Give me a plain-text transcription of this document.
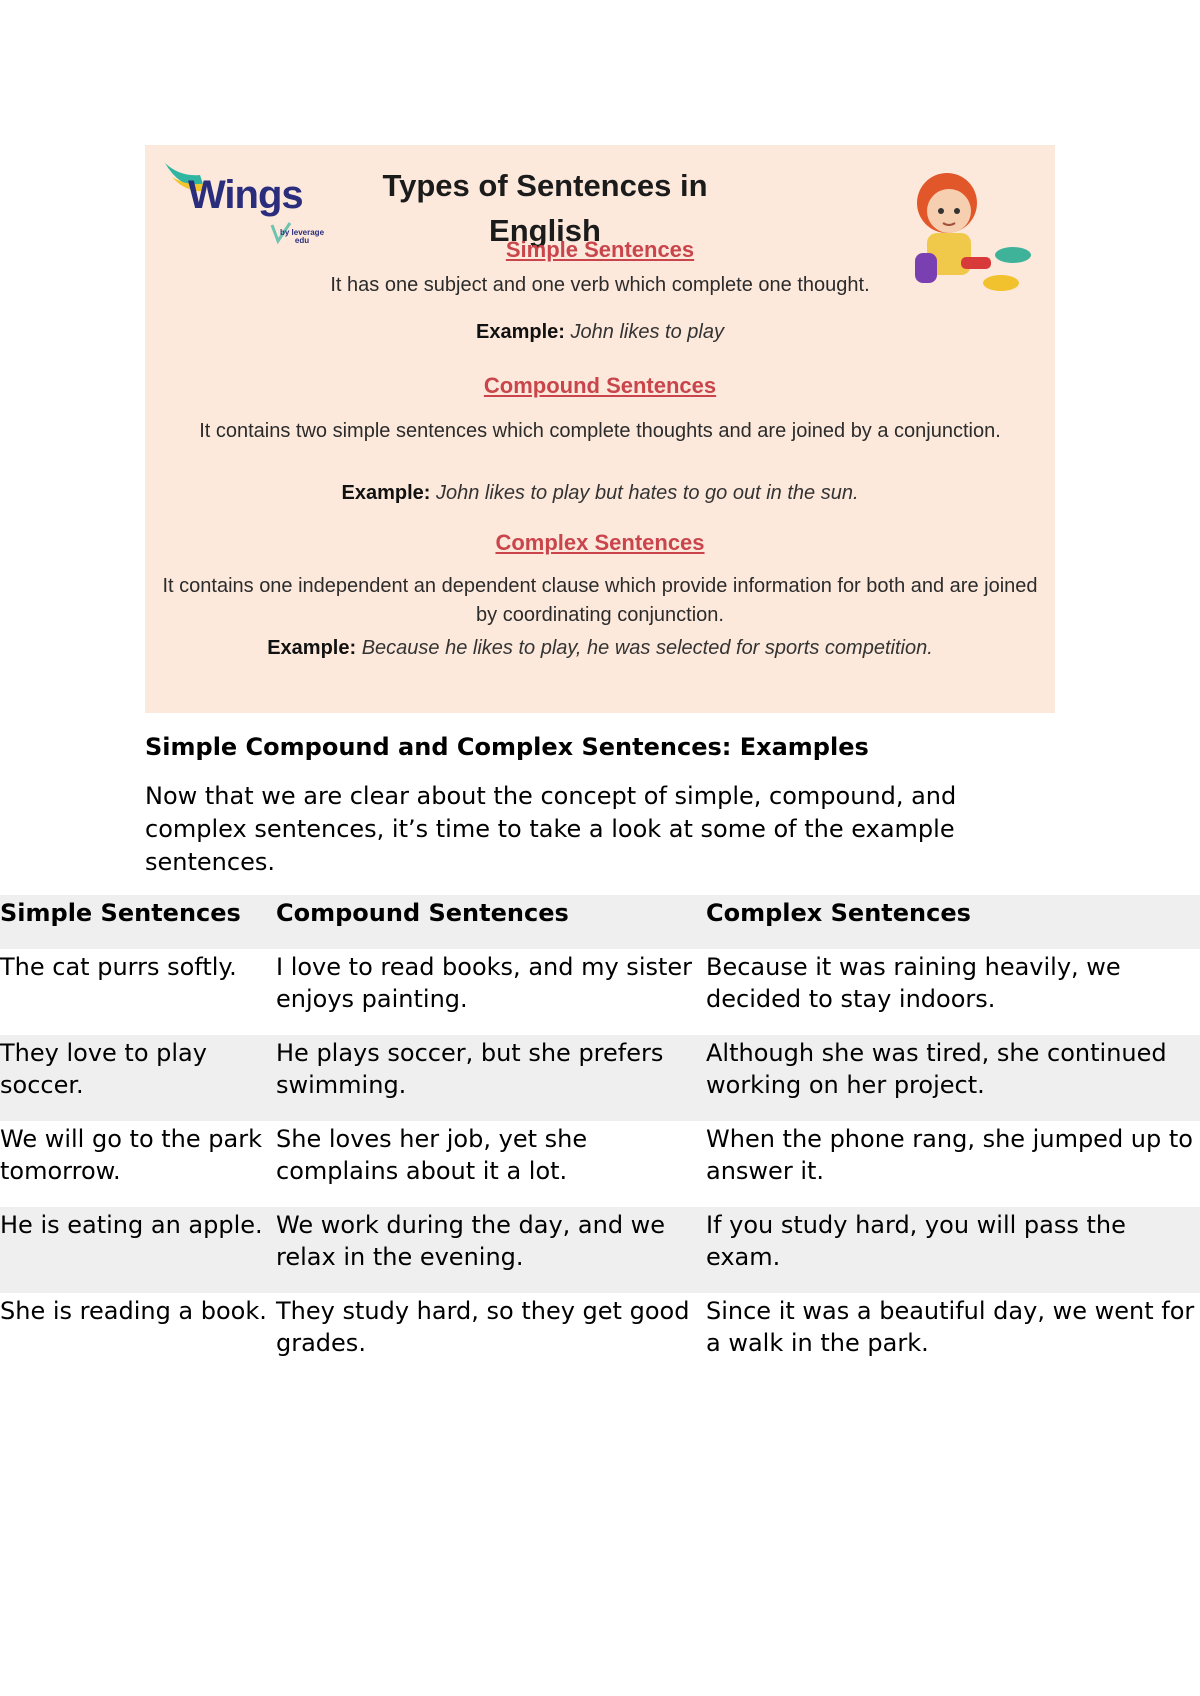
Wings
by leverage edu
Types of Sentences in English
Simple Sentences
It has one subject and one verb which complete one thought.
Example: John likes to play
Compound Sentences
It contains two simple sentences which complete thoughts and are joined by a conjunction.
Example: John likes to play but hates to go out in the sun.
Complex Sentences
It contains one independent an dependent clause which provide information for both and are joined by coordinating conjunction.
Example: Because he likes to play, he was selected for sports competition.
Simple Compound and Complex Sentences: Examples
Now that we are clear about the concept of simple, compound, and complex sentences, it’s time to take a look at some of the example sentences.
Simple Sentences	Compound Sentences	Complex Sentences
The cat purrs softly.	I love to read books, and my sister enjoys painting.	Because it was raining heavily, we decided to stay indoors.
They love to play soccer.	He plays soccer, but she prefers swimming.	Although she was tired, she continued working on her project.
We will go to the park tomorrow.	She loves her job, yet she complains about it a lot.	When the phone rang, she jumped up to answer it.
He is eating an apple.	We work during the day, and we relax in the evening.	If you study hard, you will pass the exam.
She is reading a book.	They study hard, so they get good grades.	Since it was a beautiful day, we went for a walk in the park.
